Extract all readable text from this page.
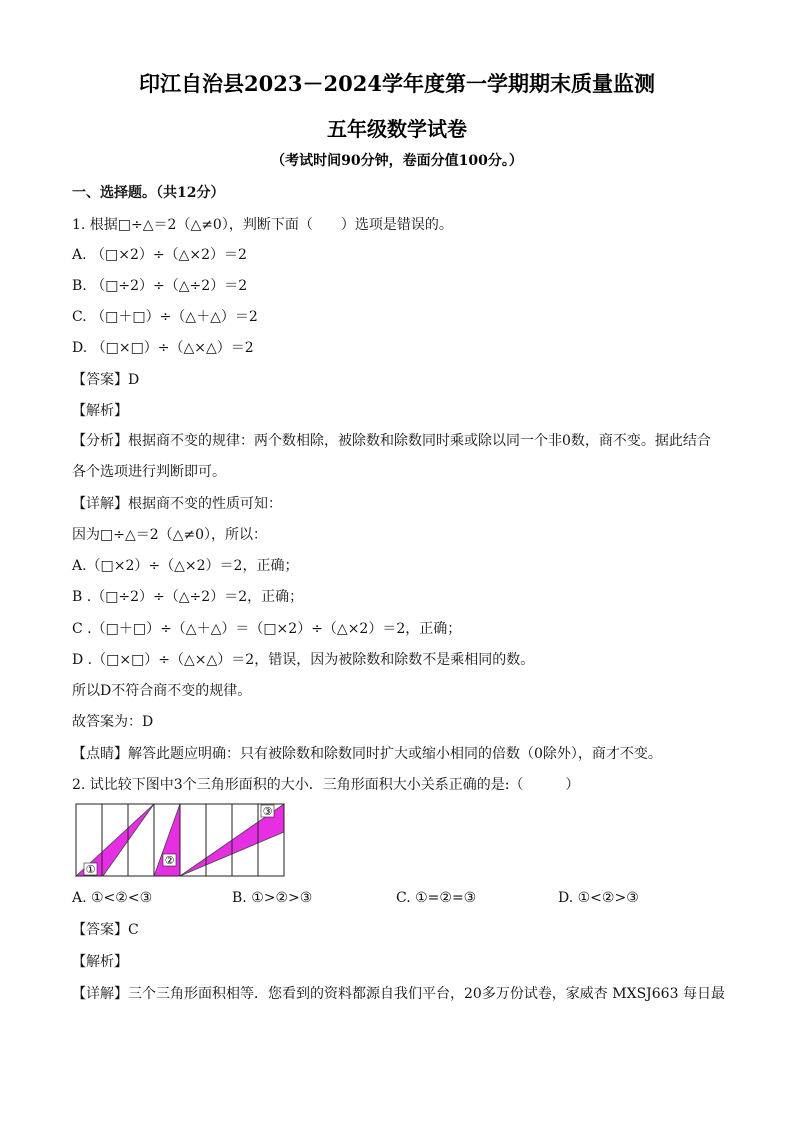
印江自治县2023－2024学年度第一学期期末质量监测
五年级数学试卷
（考试时间90分钟，卷面分值100分。）
一、选择题。（共12分）
1. 根据□÷△＝2（△≠0），判断下面（　　）选项是错误的。
A. （□×2）÷（△×2）＝2
B. （□÷2）÷（△÷2）＝2
C. （□＋□）÷（△＋△）＝2
D. （□×□）÷（△×△）＝2
【答案】D
【解析】
【分析】根据商不变的规律：两个数相除，被除数和除数同时乘或除以同一个非0数，商不变。据此结合
各个选项进行判断即可。
【详解】根据商不变的性质可知：
因为□÷△＝2（△≠0），所以：
A.（□×2）÷（△×2）＝2，正确；
B .（□÷2）÷（△÷2）＝2，正确；
C .（□＋□）÷（△＋△）＝（□×2）÷（△×2）＝2，正确；
D .（□×□）÷（△×△）＝2，错误，因为被除数和除数不是乘相同的数。
所以D不符合商不变的规律。
故答案为：D
【点睛】解答此题应明确：只有被除数和除数同时扩大或缩小相同的倍数（0除外），商才不变。
2. 试比较下图中3个三角形面积的大小．三角形面积大小关系正确的是:（　　　）
①
②
③
A. ①<②<③	B. ①>②>③	C. ①=②=③	D. ①<②>③
【答案】C
【解析】
【详解】三个三角形面积相等．您看到的资料都源自我们平台，20多万份试卷，家威杏 MXSJ663 每日最
